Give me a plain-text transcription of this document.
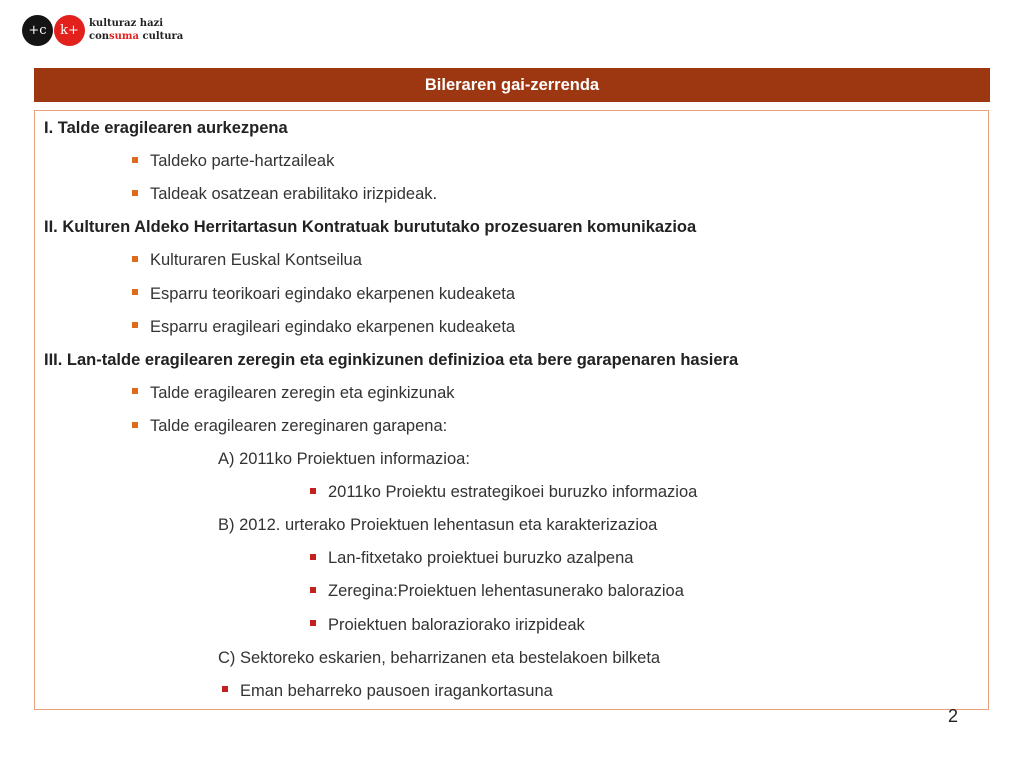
+c	k+	kulturaz hazi
consuma cultura
Bileraren gai-zerrenda
I. Talde eragilearen aurkezpena
Taldeko parte-hartzaileak
Taldeak osatzean erabilitako irizpideak.
II. Kulturen Aldeko Herritartasun Kontratuak burututako prozesuaren komunikazioa
Kulturaren Euskal Kontseilua
Esparru teorikoari egindako ekarpenen kudeaketa
Esparru eragileari egindako ekarpenen kudeaketa
III. Lan-talde eragilearen zeregin eta eginkizunen definizioa eta bere garapenaren hasiera
Talde eragilearen zeregin eta eginkizunak
Talde eragilearen zereginaren garapena:
A) 2011ko Proiektuen informazioa:
2011ko Proiektu estrategikoei buruzko informazioa
B) 2012. urterako Proiektuen lehentasun eta karakterizazioa
Lan-fitxetako proiektuei buruzko azalpena
Zeregina:Proiektuen lehentasunerako balorazioa
Proiektuen baloraziorako irizpideak
C) Sektoreko eskarien, beharrizanen eta bestelakoen bilketa
Eman beharreko pausoen iragankortasuna
2
